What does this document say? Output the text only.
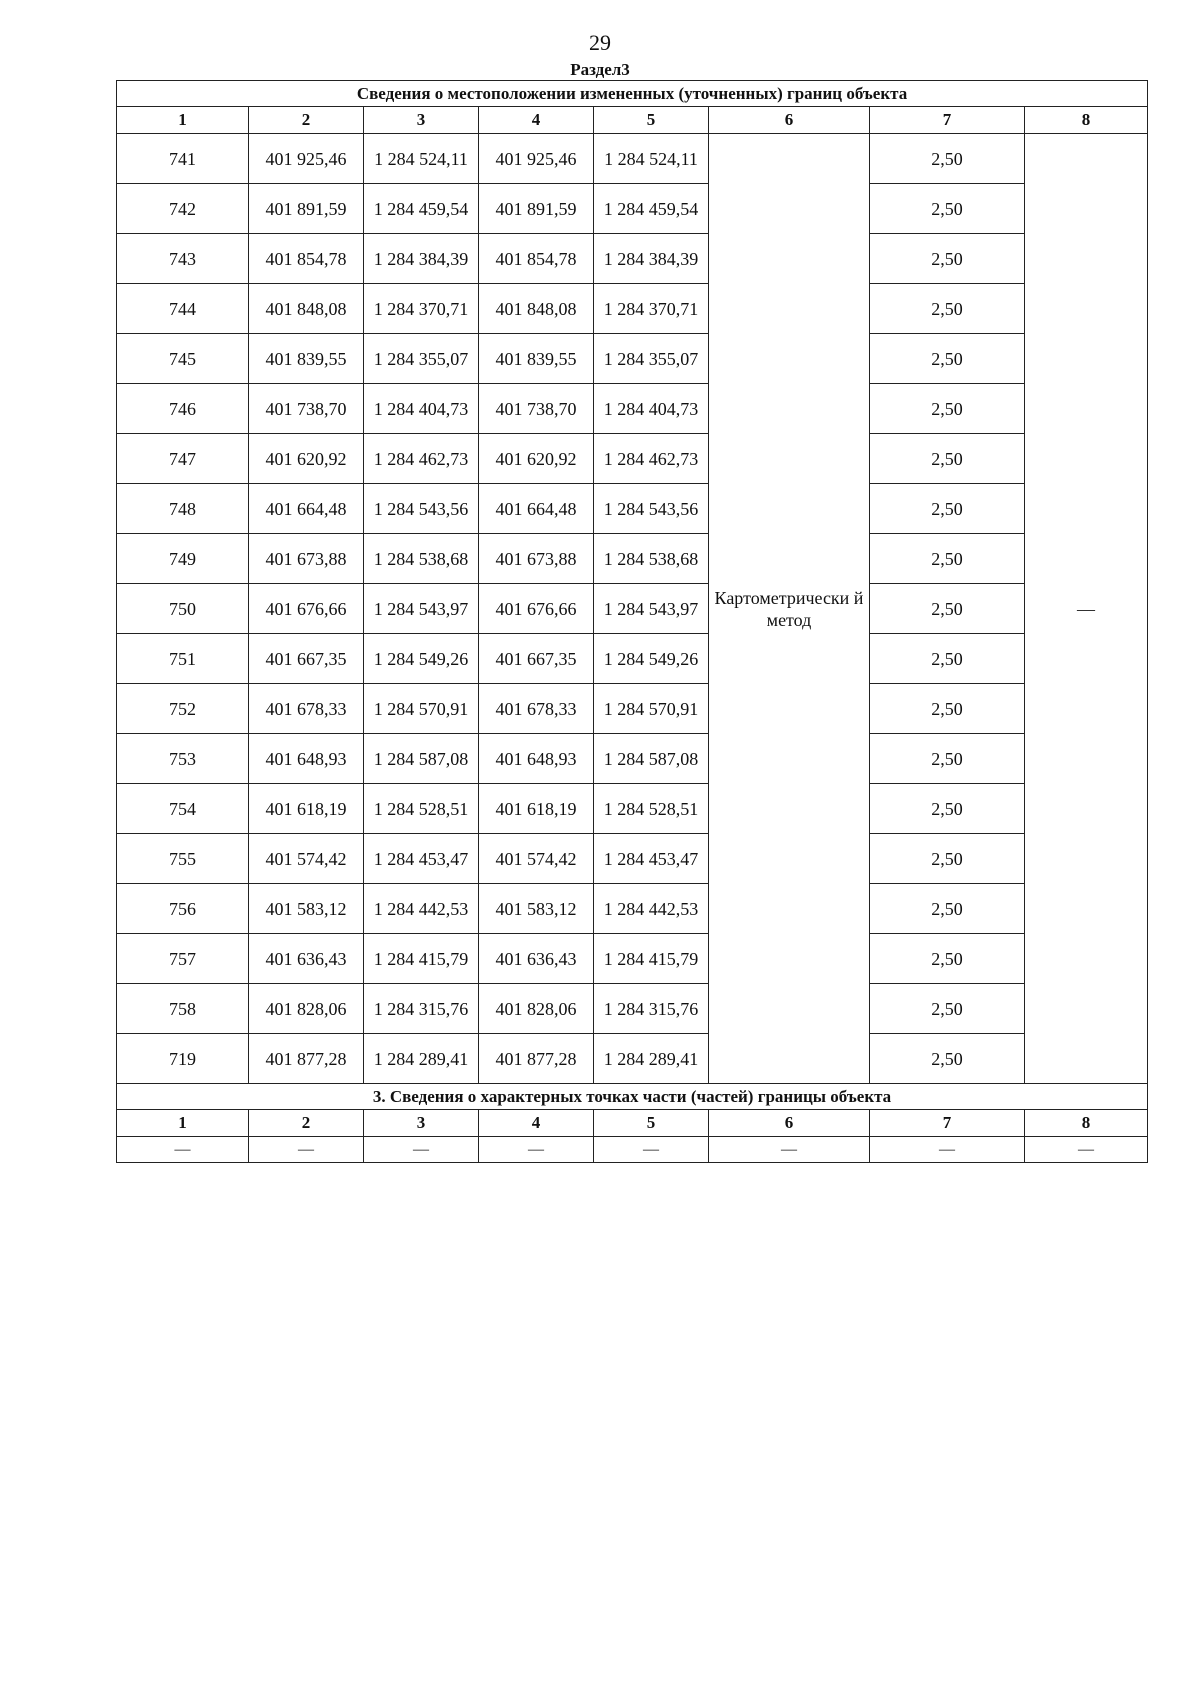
29
Раздел3
Сведения о местоположении измененных (уточненных) границ объекта							
1	2	3	4	5	6	7	8
741	401 925,46	1 284 524,11	401 925,46	1 284 524,11	Картометрически й метод	2,50	—
742	401 891,59	1 284 459,54	401 891,59	1 284 459,54		2,50	
743	401 854,78	1 284 384,39	401 854,78	1 284 384,39		2,50	
744	401 848,08	1 284 370,71	401 848,08	1 284 370,71		2,50	
745	401 839,55	1 284 355,07	401 839,55	1 284 355,07		2,50	
746	401 738,70	1 284 404,73	401 738,70	1 284 404,73		2,50	
747	401 620,92	1 284 462,73	401 620,92	1 284 462,73		2,50	
748	401 664,48	1 284 543,56	401 664,48	1 284 543,56		2,50	
749	401 673,88	1 284 538,68	401 673,88	1 284 538,68		2,50	
750	401 676,66	1 284 543,97	401 676,66	1 284 543,97		2,50	
751	401 667,35	1 284 549,26	401 667,35	1 284 549,26		2,50	
752	401 678,33	1 284 570,91	401 678,33	1 284 570,91		2,50	
753	401 648,93	1 284 587,08	401 648,93	1 284 587,08		2,50	
754	401 618,19	1 284 528,51	401 618,19	1 284 528,51		2,50	
755	401 574,42	1 284 453,47	401 574,42	1 284 453,47		2,50	
756	401 583,12	1 284 442,53	401 583,12	1 284 442,53		2,50	
757	401 636,43	1 284 415,79	401 636,43	1 284 415,79		2,50	
758	401 828,06	1 284 315,76	401 828,06	1 284 315,76		2,50	
719	401 877,28	1 284 289,41	401 877,28	1 284 289,41		2,50	
3. Сведения о характерных точках части (частей) границы объекта							
1	2	3	4	5	6	7	8
—	—	—	—	—	—	—	—
